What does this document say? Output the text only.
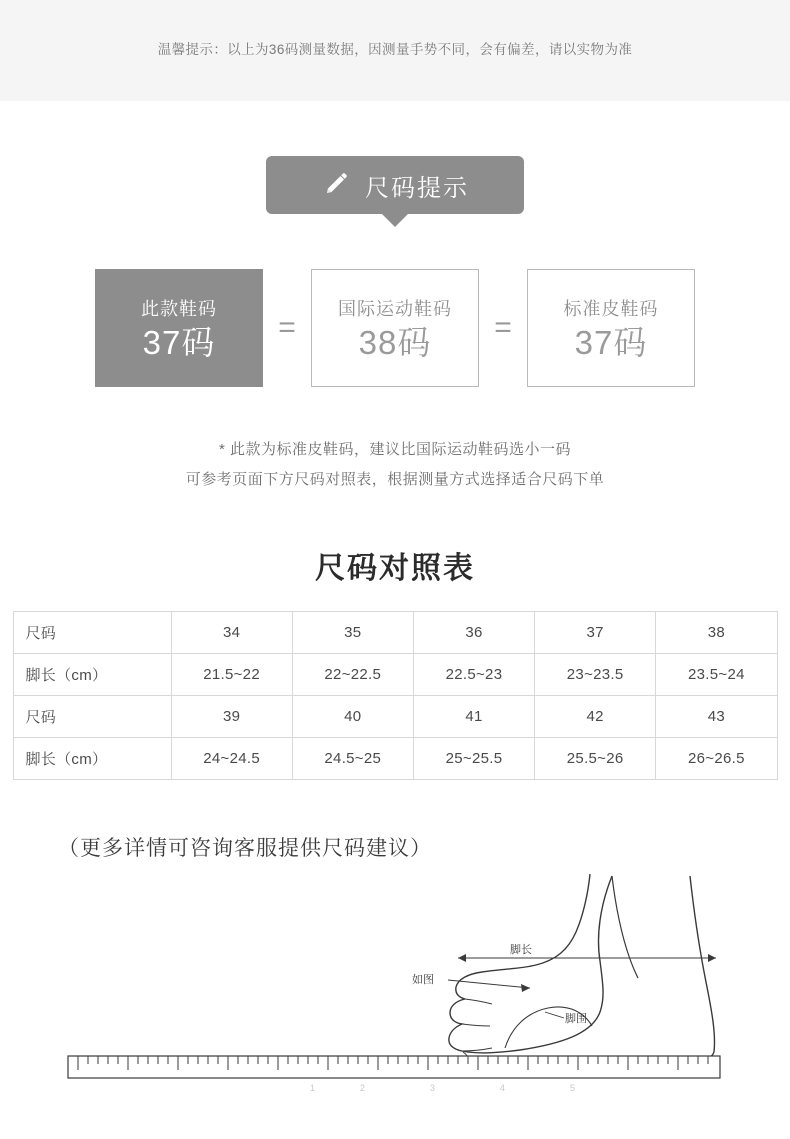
温馨提示：以上为36码测量数据，因测量手势不同，会有偏差，请以实物为准
尺码提示
此款鞋码
37码	=
国际运动鞋码
38码	=
标准皮鞋码
37码
* 此款为标准皮鞋码，建议比国际运动鞋码选小一码
可参考页面下方尺码对照表，根据测量方式选择适合尺码下单
尺码对照表
尺码	34	35	36	37	38
脚长（cm）	21.5~22	22~22.5	22.5~23	23~23.5	23.5~24
尺码	39	40	41	42	43
脚长（cm）	24~24.5	24.5~25	25~25.5	25.5~26	26~26.5
（更多详情可咨询客服提供尺码建议）
脚长
如图
脚围
1	2	3	4	5
